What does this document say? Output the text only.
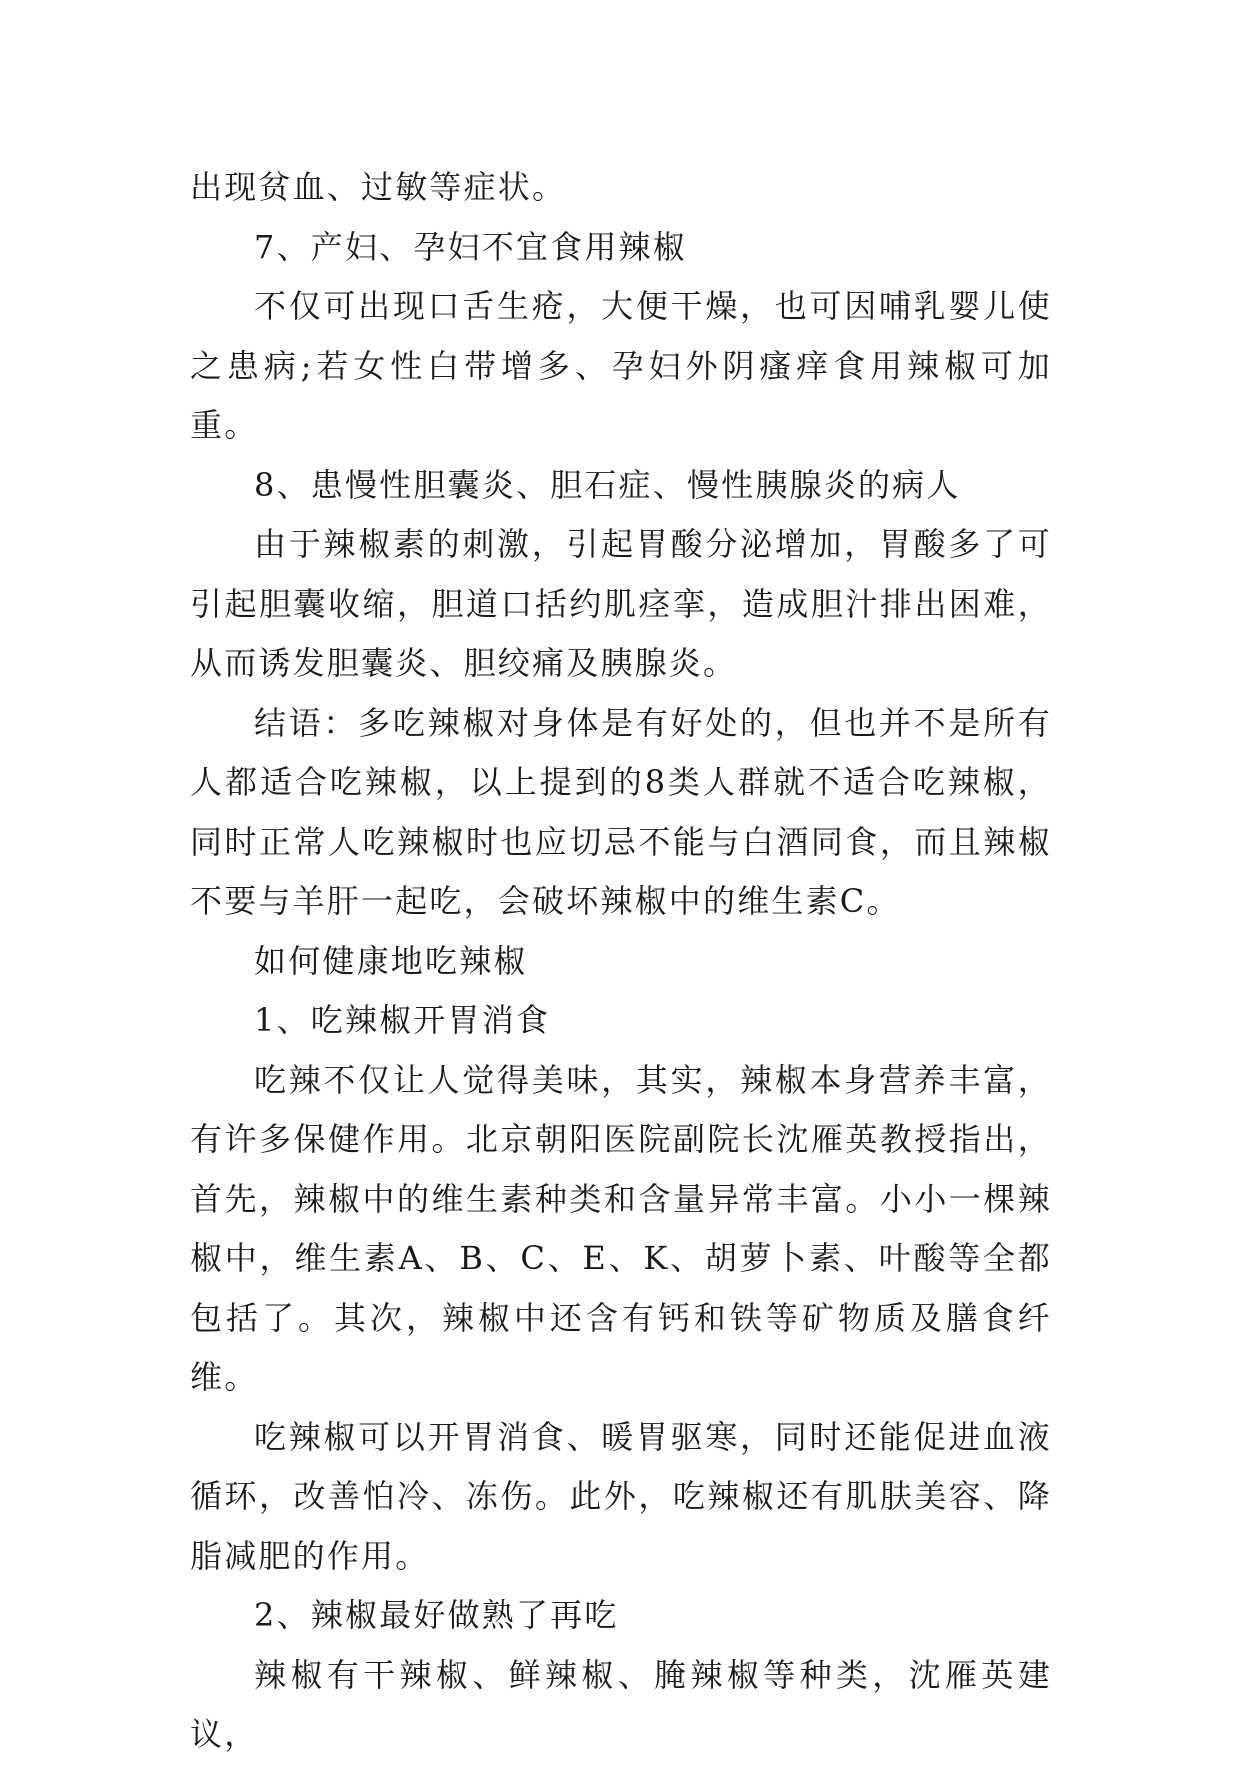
出现贫血、过敏等症状。

7、产妇、孕妇不宜食用辣椒

不仅可出现口舌生疮，大便干燥，也可因哺乳婴儿使之患病;若女性白带增多、孕妇外阴瘙痒食用辣椒可加重。

8、患慢性胆囊炎、胆石症、慢性胰腺炎的病人

由于辣椒素的刺激，引起胃酸分泌增加，胃酸多了可引起胆囊收缩，胆道口括约肌痉挛，造成胆汁排出困难，从而诱发胆囊炎、胆绞痛及胰腺炎。

结语：多吃辣椒对身体是有好处的，但也并不是所有人都适合吃辣椒，以上提到的8类人群就不适合吃辣椒，同时正常人吃辣椒时也应切忌不能与白酒同食，而且辣椒不要与羊肝一起吃，会破坏辣椒中的维生素C。

如何健康地吃辣椒

1、吃辣椒开胃消食

吃辣不仅让人觉得美味，其实，辣椒本身营养丰富，有许多保健作用。北京朝阳医院副院长沈雁英教授指出，首先，辣椒中的维生素种类和含量异常丰富。小小一棵辣椒中，维生素A、B、C、E、K、胡萝卜素、叶酸等全都包括了。其次，辣椒中还含有钙和铁等矿物质及膳食纤维。

吃辣椒可以开胃消食、暖胃驱寒，同时还能促进血液循环，改善怕冷、冻伤。此外，吃辣椒还有肌肤美容、降脂减肥的作用。

2、辣椒最好做熟了再吃

辣椒有干辣椒、鲜辣椒、腌辣椒等种类，沈雁英建议，
